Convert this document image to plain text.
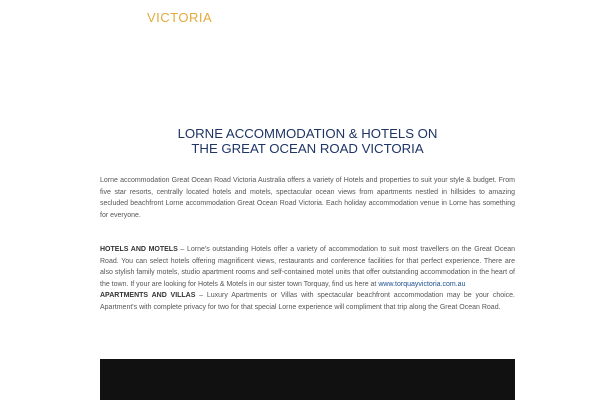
VICTORIA
LORNE ACCOMMODATION & HOTELS ON
THE GREAT OCEAN ROAD VICTORIA

Lorne accommodation Great Ocean Road Victoria Australia offers a variety of Hotels and properties to suit your style & budget. From five star resorts, centrally located hotels and motels, spectacular ocean views from apartments nestled in hillsides to amazing secluded beachfront Lorne accommodation Great Ocean Road Victoria. Each holiday accommodation venue in Lorne has something for everyone.

HOTELS AND MOTELS – Lorne's outstanding Hotels offer a variety of accommodation to suit most travellers on the Great Ocean Road. You can select hotels offering magnificent views, restaurants and conference facilities for that perfect experience. There are also stylish family motels, studio apartment rooms and self-contained motel units that offer outstanding accommodation in the heart of the town. If your are looking for Hotels & Motels in our sister town Torquay, find us here at www.torquayvictoria.com.au
APARTMENTS AND VILLAS – Luxury Apartments or Villas with spectacular beachfront accommodation may be your choice. Apartment's with complete privacy for two for that special Lorne experience will compliment that trip along the Great Ocean Road.
